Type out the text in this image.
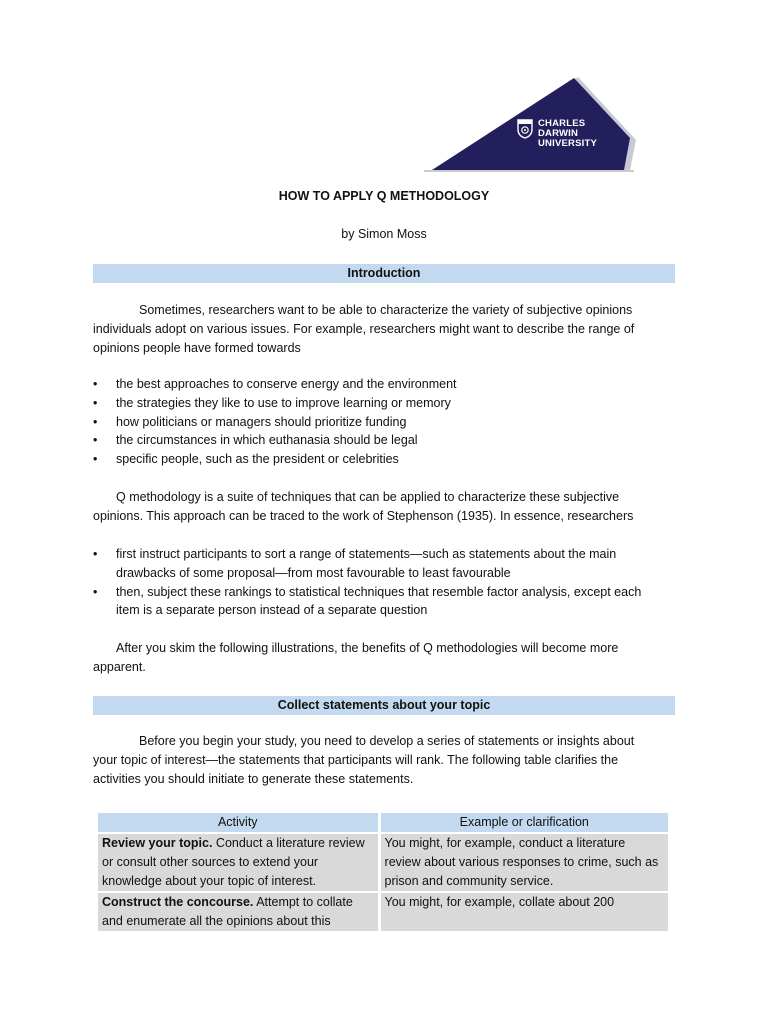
CHARLES
DARWIN
UNIVERSITY
HOW TO APPLY Q METHODOLOGY
by Simon Moss
Introduction

Sometimes, researchers want to be able to characterize the variety of subjective opinions
individuals adopt on various issues. For example, researchers might want to describe the range of
opinions people have formed towards

• the best approaches to conserve energy and the environment
• the strategies they like to use to improve learning or memory
• how politicians or managers should prioritize funding
• the circumstances in which euthanasia should be legal
• specific people, such as the president or celebrities

Q methodology is a suite of techniques that can be applied to characterize these subjective
opinions. This approach can be traced to the work of Stephenson (1935). In essence, researchers

• first instruct participants to sort a range of statements—such as statements about the main
drawbacks of some proposal—from most favourable to least favourable
• then, subject these rankings to statistical techniques that resemble factor analysis, except each
item is a separate person instead of a separate question

After you skim the following illustrations, the benefits of Q methodologies will become more
apparent.

Collect statements about your topic

Before you begin your study, you need to develop a series of statements or insights about
your topic of interest—the statements that participants will rank. The following table clarifies the
activities you should initiate to generate these statements.

Activity	Example or clarification
Review your topic. Conduct a literature review or consult other sources to extend your knowledge about your topic of interest.	You might, for example, conduct a literature review about various responses to crime, such as prison and community service.
Construct the concourse. Attempt to collate and enumerate all the opinions about this	You might, for example, collate about 200
